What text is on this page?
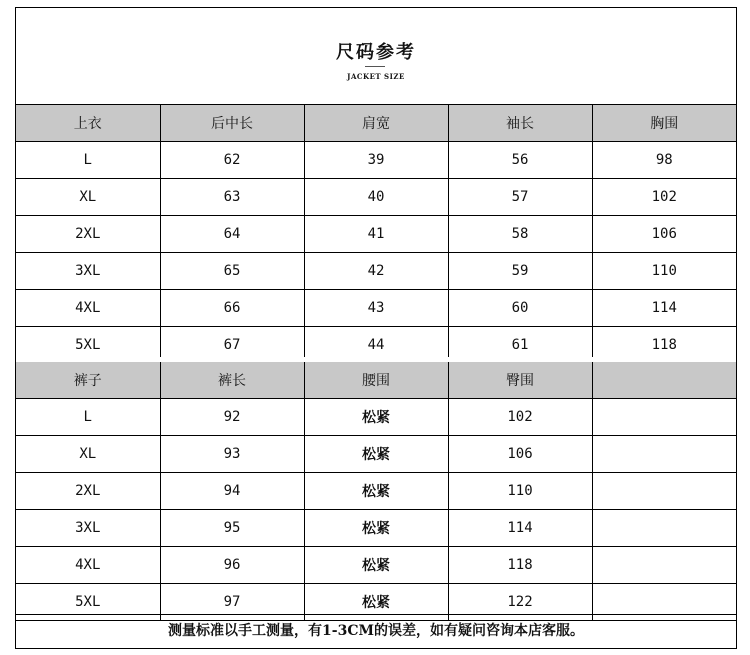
尺码参考
JACKET SIZE
上衣	后中长	肩宽	袖长	胸围
L	62	39	56	98
XL	63	40	57	102
2XL	64	41	58	106
3XL	65	42	59	110
4XL	66	43	60	114
5XL	67	44	61	118
裤子	裤长	腰围	臀围	
L	92	松紧	102	
XL	93	松紧	106	
2XL	94	松紧	110	
3XL	95	松紧	114	
4XL	96	松紧	118	
5XL	97	松紧	122	
测量标准以手工测量，有1-3CM的误差，如有疑问咨询本店客服。
